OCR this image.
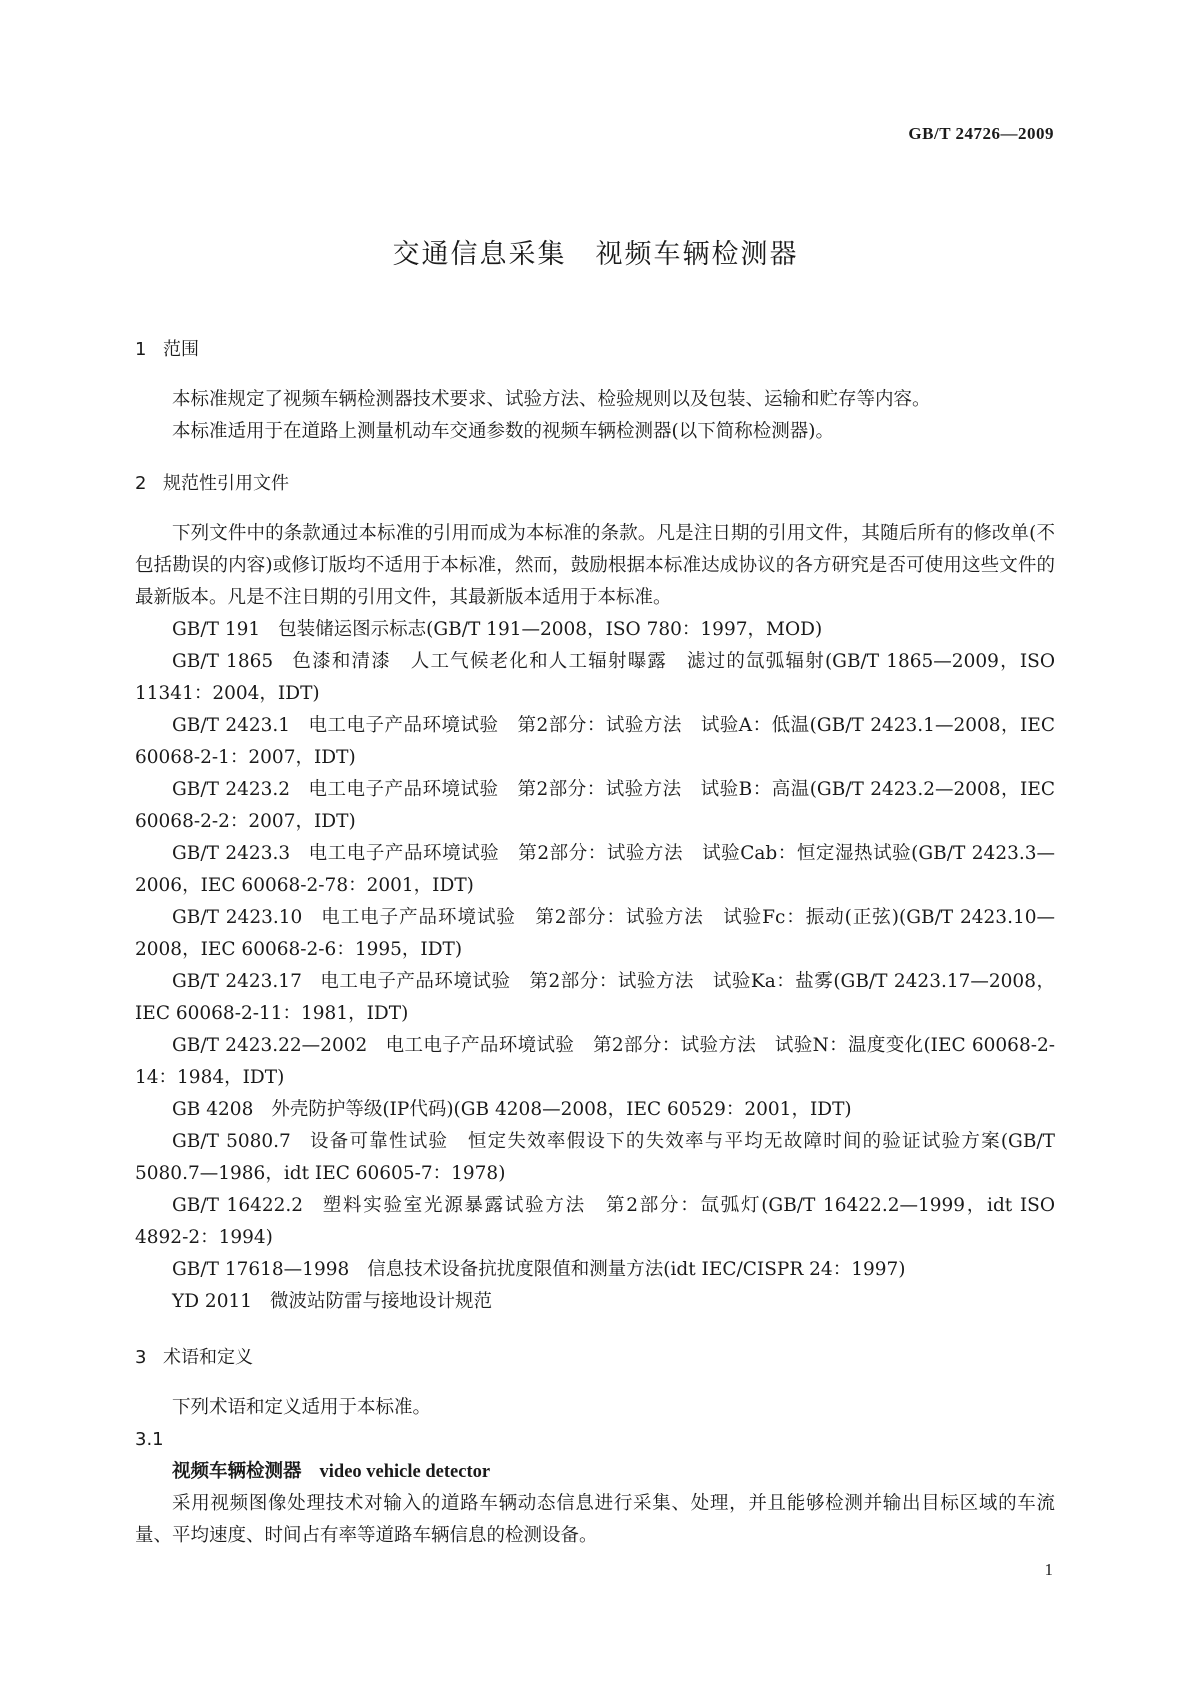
GB/T 24726—2009
交通信息采集　视频车辆检测器

1 范围

本标准规定了视频车辆检测器技术要求、试验方法、检验规则以及包装、运输和贮存等内容。

本标准适用于在道路上测量机动车交通参数的视频车辆检测器(以下简称检测器)。

2 规范性引用文件

下列文件中的条款通过本标准的引用而成为本标准的条款。凡是注日期的引用文件，其随后所有的修改单(不包括勘误的内容)或修订版均不适用于本标准，然而，鼓励根据本标准达成协议的各方研究是否可使用这些文件的最新版本。凡是不注日期的引用文件，其最新版本适用于本标准。

GB/T 191 包装储运图示标志(GB/T 191—2008，ISO 780：1997，MOD)

GB/T 1865 色漆和清漆　人工气候老化和人工辐射曝露　滤过的氙弧辐射(GB/T 1865—2009，ISO 11341：2004，IDT)

GB/T 2423.1 电工电子产品环境试验　第2部分：试验方法　试验A：低温(GB/T 2423.1—2008，IEC 60068-2-1：2007，IDT)

GB/T 2423.2 电工电子产品环境试验　第2部分：试验方法　试验B：高温(GB/T 2423.2—2008，IEC 60068-2-2：2007，IDT)

GB/T 2423.3 电工电子产品环境试验　第2部分：试验方法　试验Cab：恒定湿热试验(GB/T 2423.3—2006，IEC 60068-2-78：2001，IDT)

GB/T 2423.10 电工电子产品环境试验　第2部分：试验方法　试验Fc：振动(正弦)(GB/T 2423.10—2008，IEC 60068-2-6：1995，IDT)

GB/T 2423.17 电工电子产品环境试验　第2部分：试验方法　试验Ka：盐雾(GB/T 2423.17—2008，IEC 60068-2-11：1981，IDT)

GB/T 2423.22—2002 电工电子产品环境试验　第2部分：试验方法　试验N：温度变化(IEC 60068-2-14：1984，IDT)

GB 4208 外壳防护等级(IP代码)(GB 4208—2008，IEC 60529：2001，IDT)

GB/T 5080.7 设备可靠性试验　恒定失效率假设下的失效率与平均无故障时间的验证试验方案(GB/T 5080.7—1986，idt IEC 60605-7：1978)

GB/T 16422.2 塑料实验室光源暴露试验方法　第2部分：氙弧灯(GB/T 16422.2—1999，idt ISO 4892-2：1994)

GB/T 17618—1998 信息技术设备抗扰度限值和测量方法(idt IEC/CISPR 24：1997)

YD 2011 微波站防雷与接地设计规范

3 术语和定义

下列术语和定义适用于本标准。

3.1

视频车辆检测器 video vehicle detector

采用视频图像处理技术对输入的道路车辆动态信息进行采集、处理，并且能够检测并输出目标区域的车流量、平均速度、时间占有率等道路车辆信息的检测设备。

1
